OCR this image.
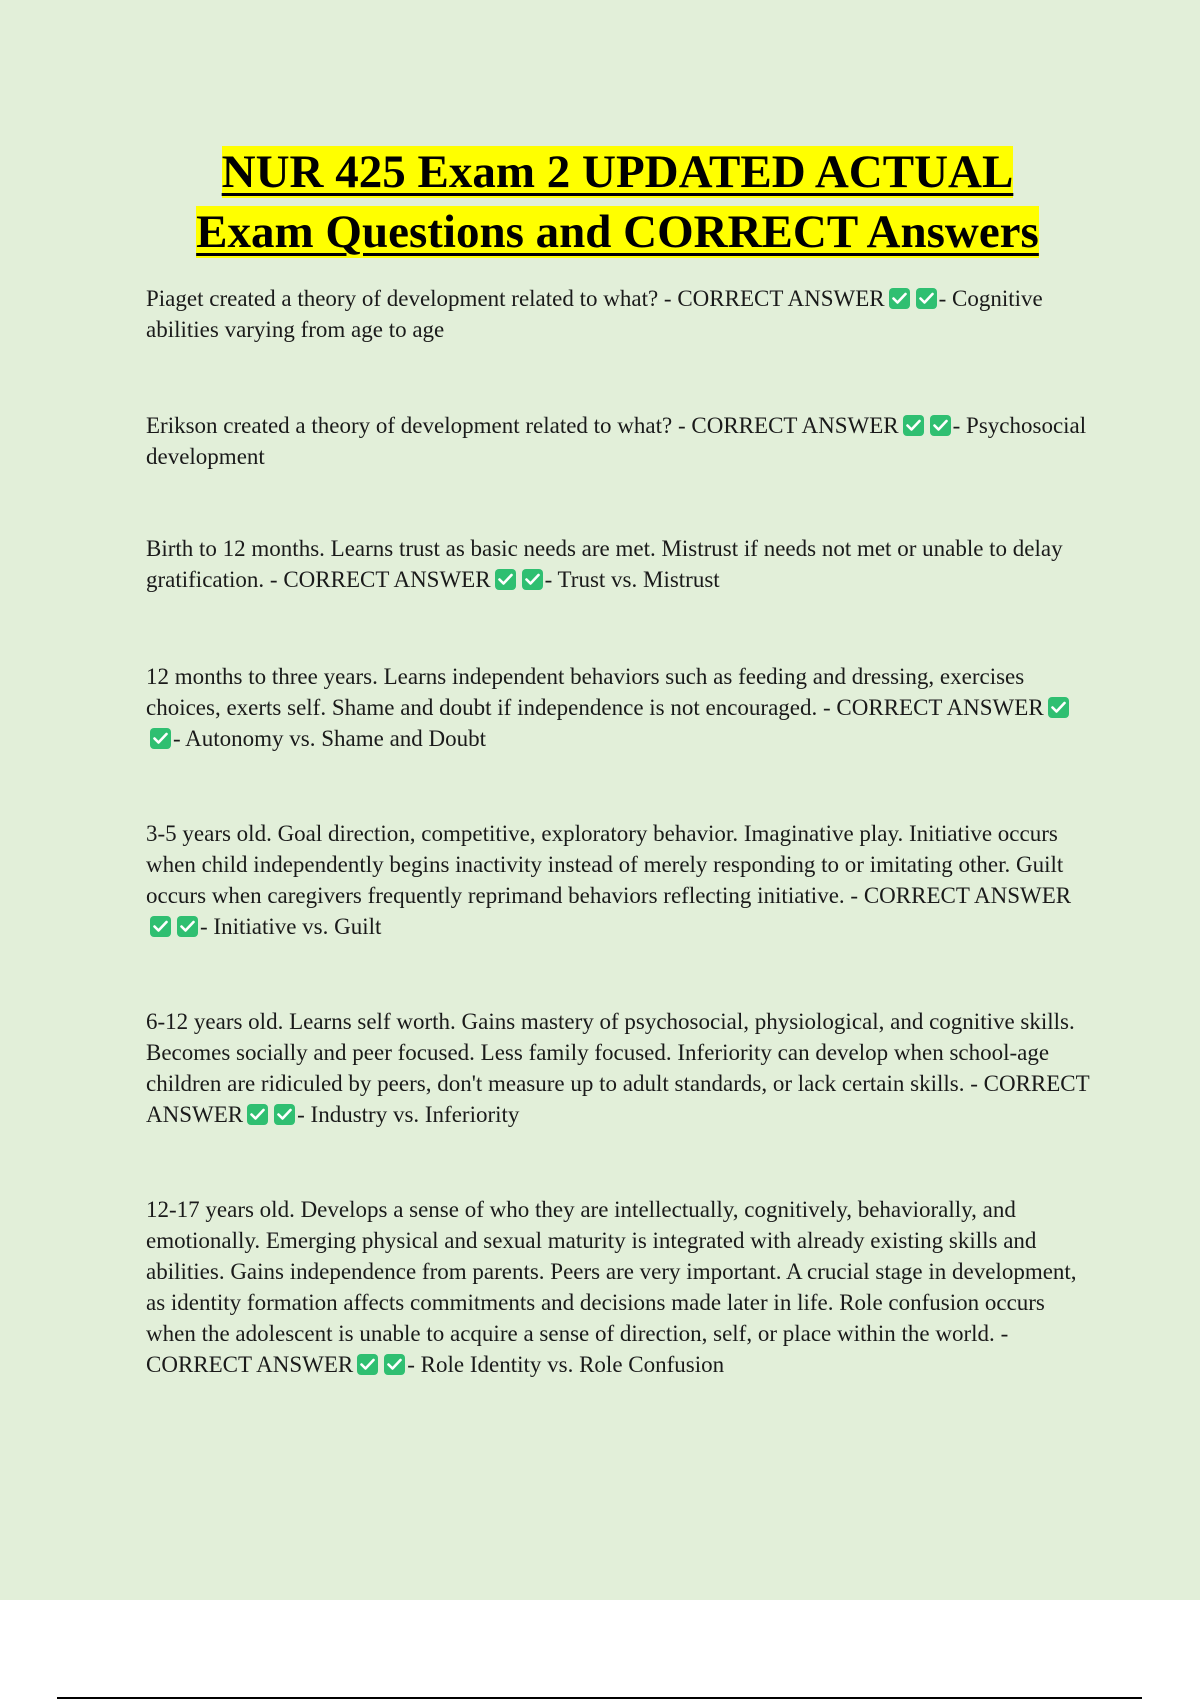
NUR 425 Exam 2 UPDATED ACTUAL
Exam Questions and CORRECT Answers

Piaget created a theory of development related to what? - CORRECT ANSWER - Cognitive abilities varying from age to age

Erikson created a theory of development related to what? - CORRECT ANSWER - Psychosocial development

Birth to 12 months. Learns trust as basic needs are met. Mistrust if needs not met or unable to delay gratification. - CORRECT ANSWER - Trust vs. Mistrust

12 months to three years. Learns independent behaviors such as feeding and dressing, exercises choices, exerts self. Shame and doubt if independence is not encouraged. - CORRECT ANSWER
- Autonomy vs. Shame and Doubt

3-5 years old. Goal direction, competitive, exploratory behavior. Imaginative play. Initiative occurs when child independently begins inactivity instead of merely responding to or imitating other. Guilt occurs when caregivers frequently reprimand behaviors reflecting initiative. - CORRECT ANSWER
- Initiative vs. Guilt

6-12 years old. Learns self worth. Gains mastery of psychosocial, physiological, and cognitive skills. Becomes socially and peer focused. Less family focused. Inferiority can develop when school-age children are ridiculed by peers, don't measure up to adult standards, or lack certain skills. - CORRECT ANSWER - Industry vs. Inferiority

12-17 years old. Develops a sense of who they are intellectually, cognitively, behaviorally, and emotionally. Emerging physical and sexual maturity is integrated with already existing skills and abilities. Gains independence from parents. Peers are very important. A crucial stage in development, as identity formation affects commitments and decisions made later in life. Role confusion occurs when the adolescent is unable to acquire a sense of direction, self, or place within the world. - CORRECT ANSWER - Role Identity vs. Role Confusion
